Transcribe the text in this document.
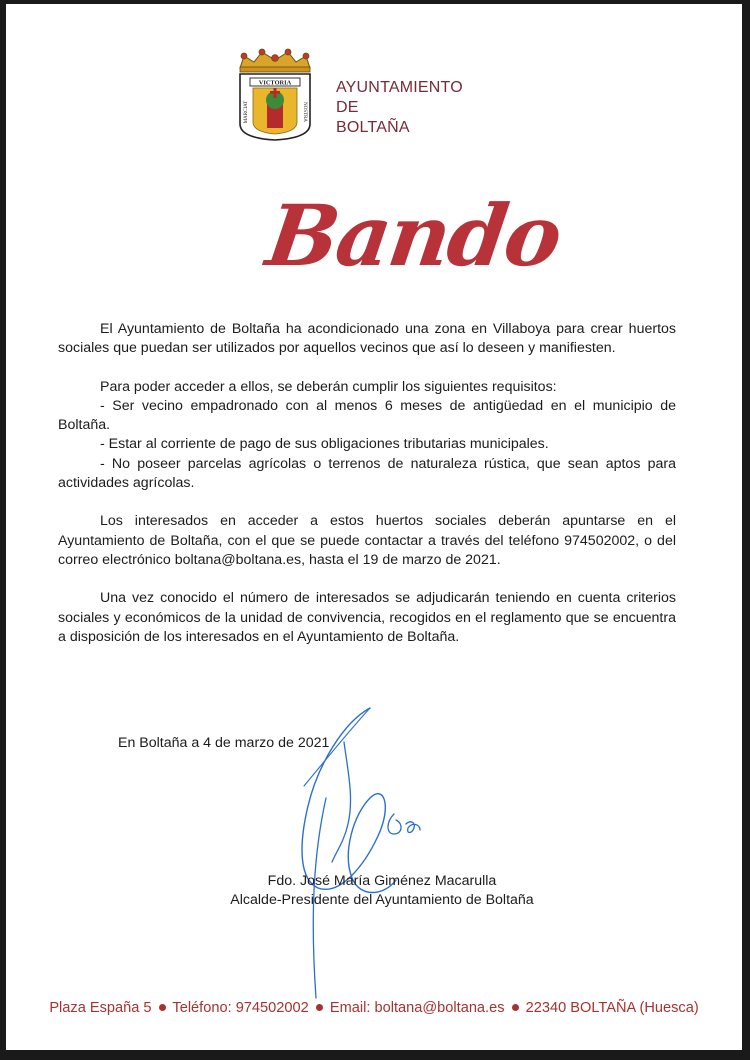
VICTORIA
MARCIAT	NOSTRA
AYUNTAMIENTO
DE
BOLTAÑA
Bando

El Ayuntamiento de Boltaña ha acondicionado una zona en Villaboya para crear huertos sociales que puedan ser utilizados por aquellos vecinos que así lo deseen y manifiesten.

Para poder acceder a ellos, se deberán cumplir los siguientes requisitos:
- Ser vecino empadronado con al menos 6 meses de antigüedad en el municipio de Boltaña.
- Estar al corriente de pago de sus obligaciones tributarias municipales.
- No poseer parcelas agrícolas o terrenos de naturaleza rústica, que sean aptos para actividades agrícolas.

Los interesados en acceder a estos huertos sociales deberán apuntarse en el Ayuntamiento de Boltaña, con el que se puede contactar a través del teléfono 974502002, o del correo electrónico boltana@boltana.es, hasta el 19 de marzo de 2021.

Una vez conocido el número de interesados se adjudicarán teniendo en cuenta criterios sociales y económicos de la unidad de convivencia, recogidos en el reglamento que se encuentra a disposición de los interesados en el Ayuntamiento de Boltaña.

En Boltaña a 4 de marzo de 2021
Fdo. José María Giménez Macarulla
Alcalde-Presidente del Ayuntamiento de Boltaña
Plaza España 5 Teléfono: 974502002 Email: boltana@boltana.es 22340 BOLTAÑA (Huesca)
